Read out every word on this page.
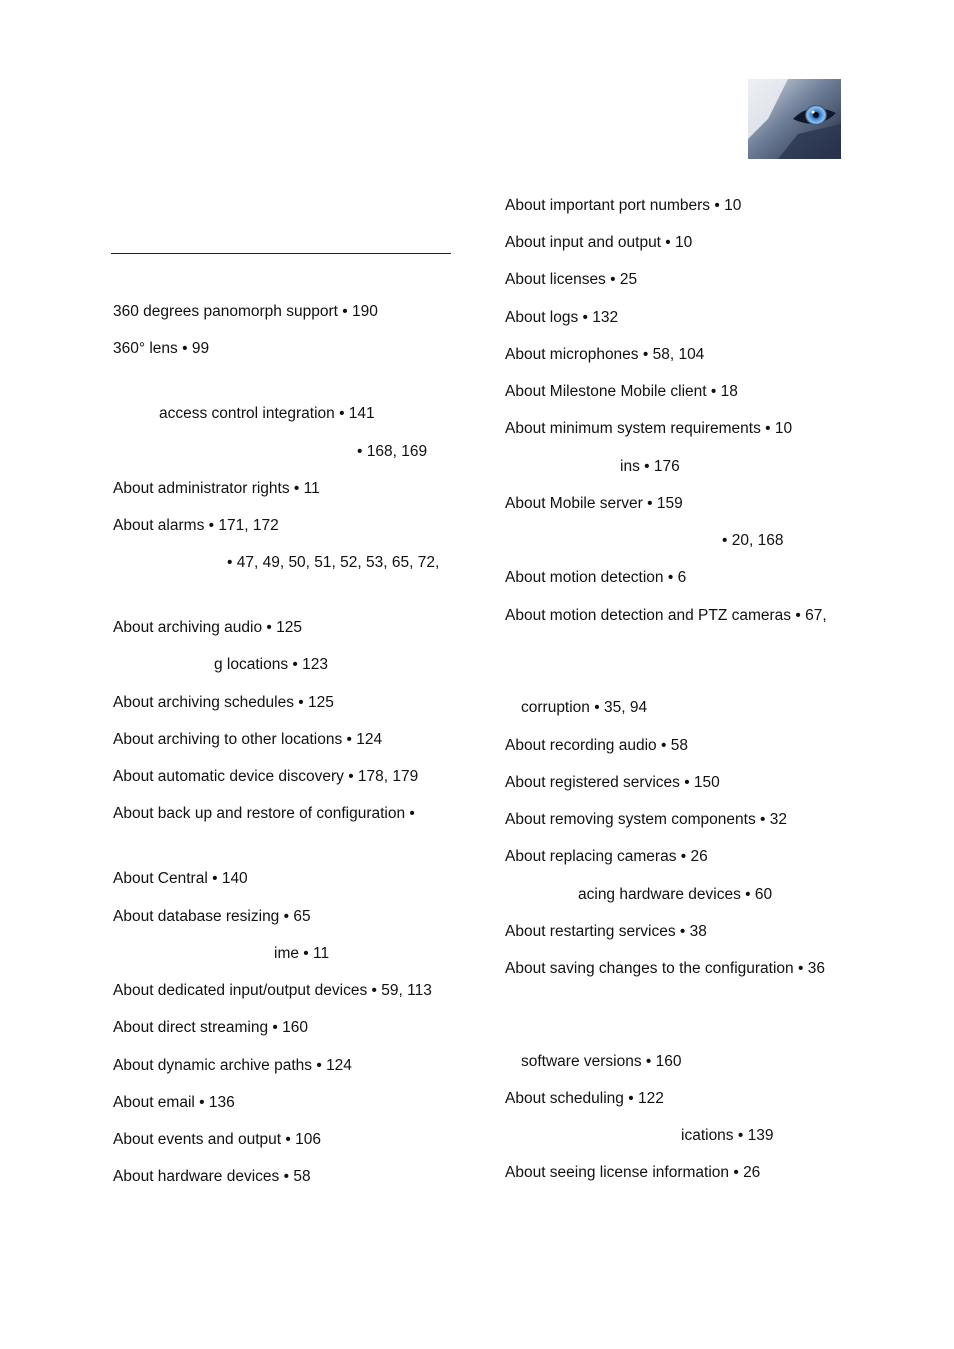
360 degrees panomorph support • 190
360° lens • 99
access control integration • 141
• 168, 169
About administrator rights • 11
About alarms • 171, 172
• 47, 49, 50, 51, 52, 53, 65, 72,
About archiving audio • 125
g locations • 123
About archiving schedules • 125
About archiving to other locations • 124
About automatic device discovery • 178, 179
About back up and restore of configuration •
About Central • 140
About database resizing • 65
ime • 11
About dedicated input/output devices • 59, 113
About direct streaming • 160
About dynamic archive paths • 124
About email • 136
About events and output • 106
About hardware devices • 58
About important port numbers • 10
About input and output • 10
About licenses • 25
About logs • 132
About microphones • 58, 104
About Milestone Mobile client • 18
About minimum system requirements • 10
ins • 176
About Mobile server • 159
• 20, 168
About motion detection • 6
About motion detection and PTZ cameras • 67,
corruption • 35, 94
About recording audio • 58
About registered services • 150
About removing system components • 32
About replacing cameras • 26
acing hardware devices • 60
About restarting services • 38
About saving changes to the configuration • 36
software versions • 160
About scheduling • 122
ications • 139
About seeing license information • 26
